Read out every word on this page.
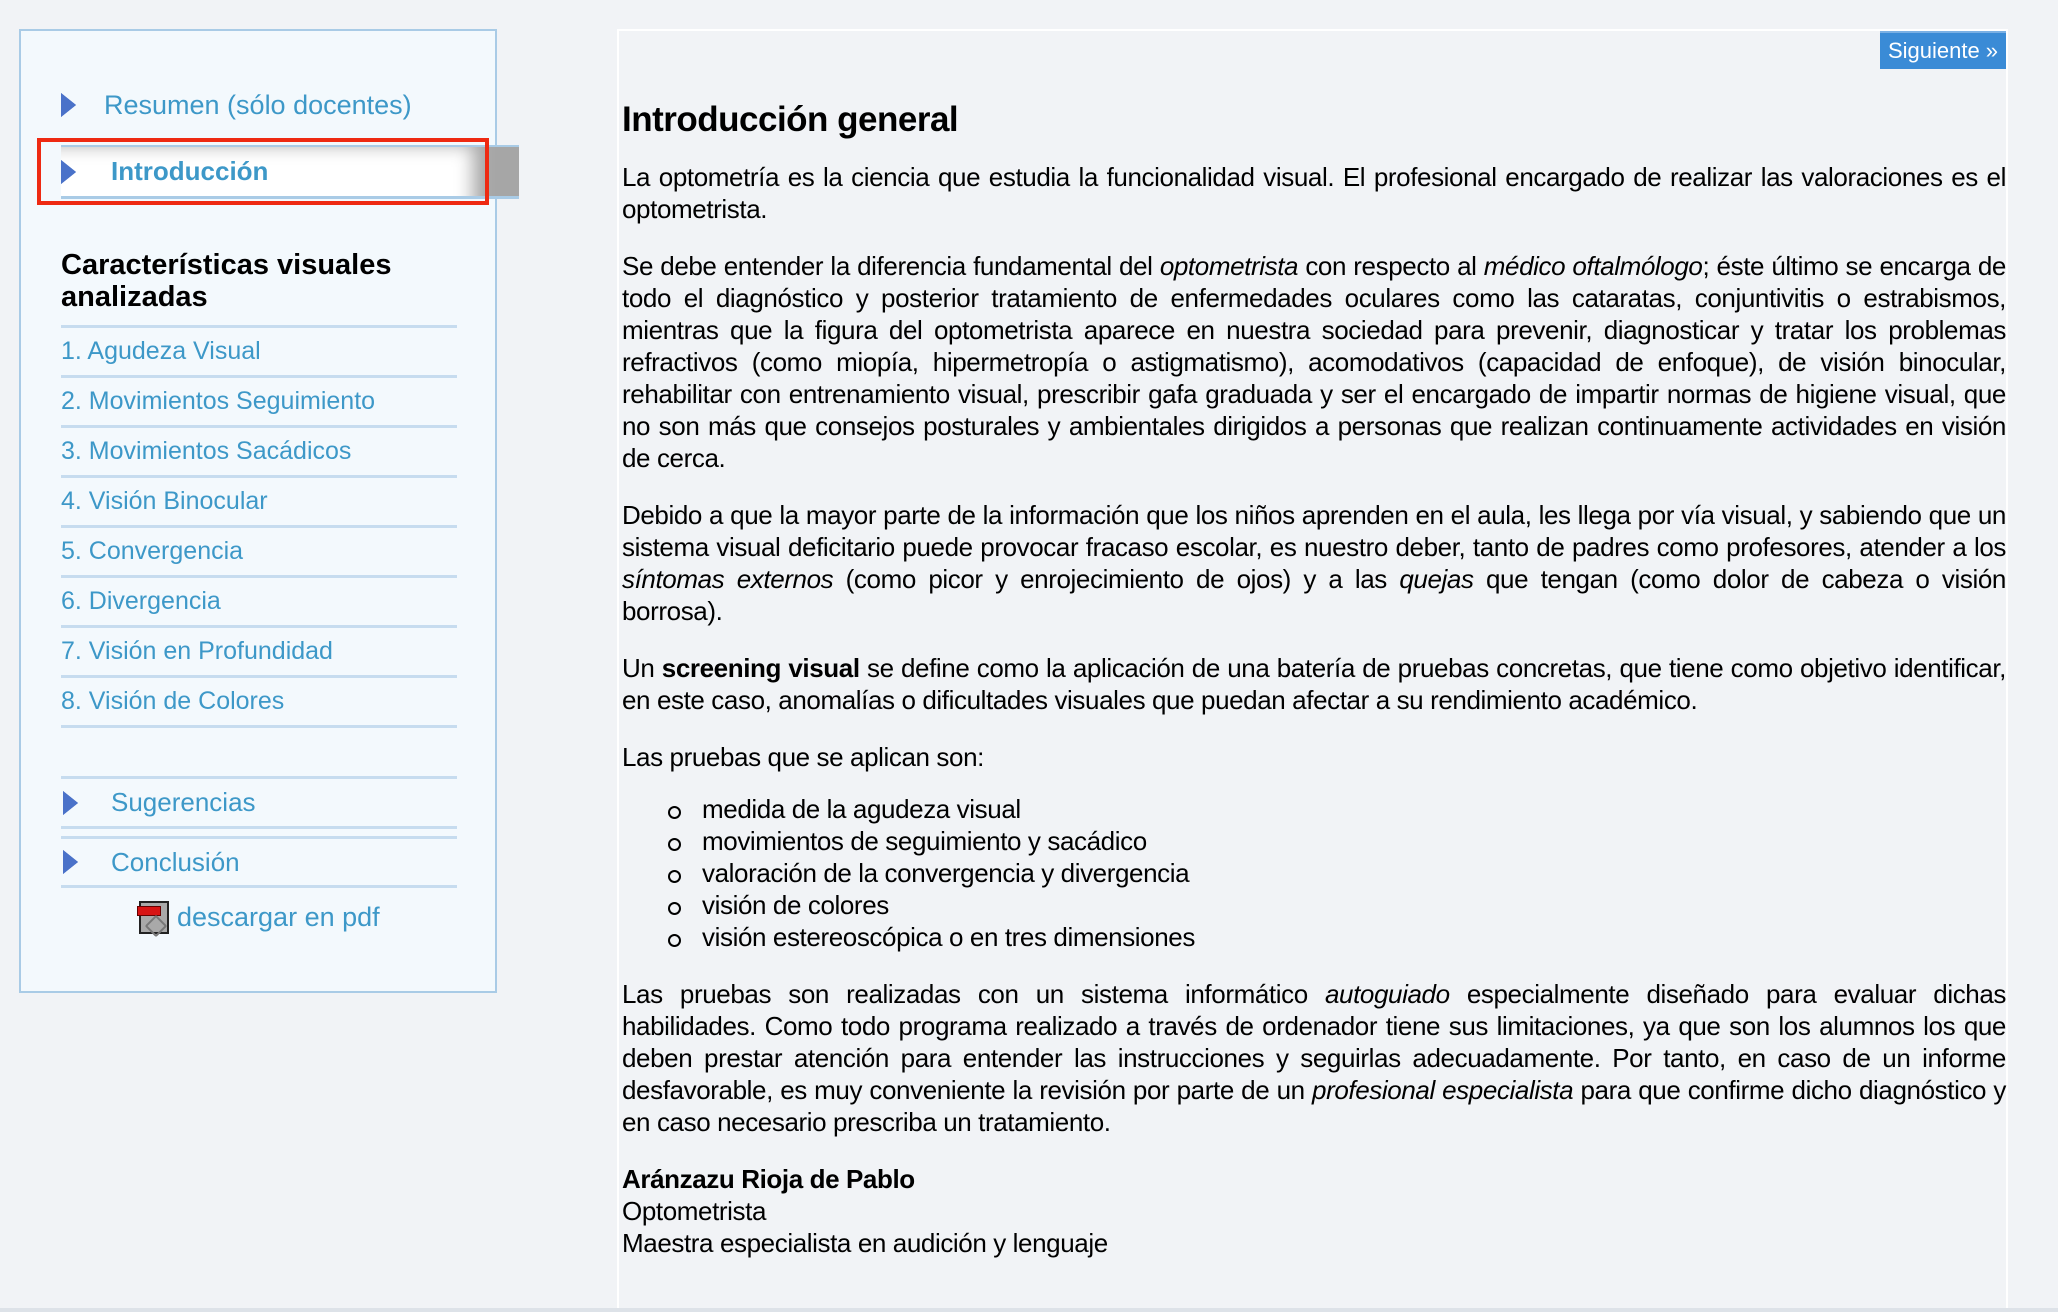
Resumen (sólo docentes)
Introducción
Características visuales analizadas
1. Agudeza Visual
2. Movimientos Seguimiento
3. Movimientos Sacádicos
4. Visión Binocular
5. Convergencia
6. Divergencia
7. Visión en Profundidad
8. Visión de Colores
Sugerencias
Conclusión
descargar en pdf
Siguiente »
Introducción general

La optometría es la ciencia que estudia la funcionalidad visual. El profesional encargado de realizar las valoraciones es el optometrista.

Se debe entender la diferencia fundamental del optometrista con respecto al médico oftalmólogo; éste último se encarga de todo el diagnóstico y posterior tratamiento de enfermedades oculares como las cataratas, conjuntivitis o estrabismos, mientras que la figura del optometrista aparece en nuestra sociedad para prevenir, diagnosticar y tratar los problemas refractivos (como miopía, hipermetropía o astigmatismo), acomodativos (capacidad de enfoque), de visión binocular, rehabilitar con entrenamiento visual, prescribir gafa graduada y ser el encargado de impartir normas de higiene visual, que no son más que consejos posturales y ambientales dirigidos a personas que realizan continuamente actividades en visión de cerca.

Debido a que la mayor parte de la información que los niños aprenden en el aula, les llega por vía visual, y sabiendo que un sistema visual deficitario puede provocar fracaso escolar, es nuestro deber, tanto de padres como profesores, atender a los síntomas externos (como picor y enrojecimiento de ojos) y a las quejas que tengan (como dolor de cabeza o visión borrosa).

Un screening visual se define como la aplicación de una batería de pruebas concretas, que tiene como objetivo identificar, en este caso, anomalías o dificultades visuales que puedan afectar a su rendimiento académico.

Las pruebas que se aplican son:

medida de la agudeza visual
movimientos de seguimiento y sacádico
valoración de la convergencia y divergencia
visión de colores
visión estereoscópica o en tres dimensiones

Las pruebas son realizadas con un sistema informático autoguiado especialmente diseñado para evaluar dichas habilidades. Como todo programa realizado a través de ordenador tiene sus limitaciones, ya que son los alumnos los que deben prestar atención para entender las instrucciones y seguirlas adecuadamente. Por tanto, en caso de un informe desfavorable, es muy conveniente la revisión por parte de un profesional especialista para que confirme dicho diagnóstico y en caso necesario prescriba un tratamiento.

Aránzazu Rioja de Pablo
Optometrista
Maestra especialista en audición y lenguaje
